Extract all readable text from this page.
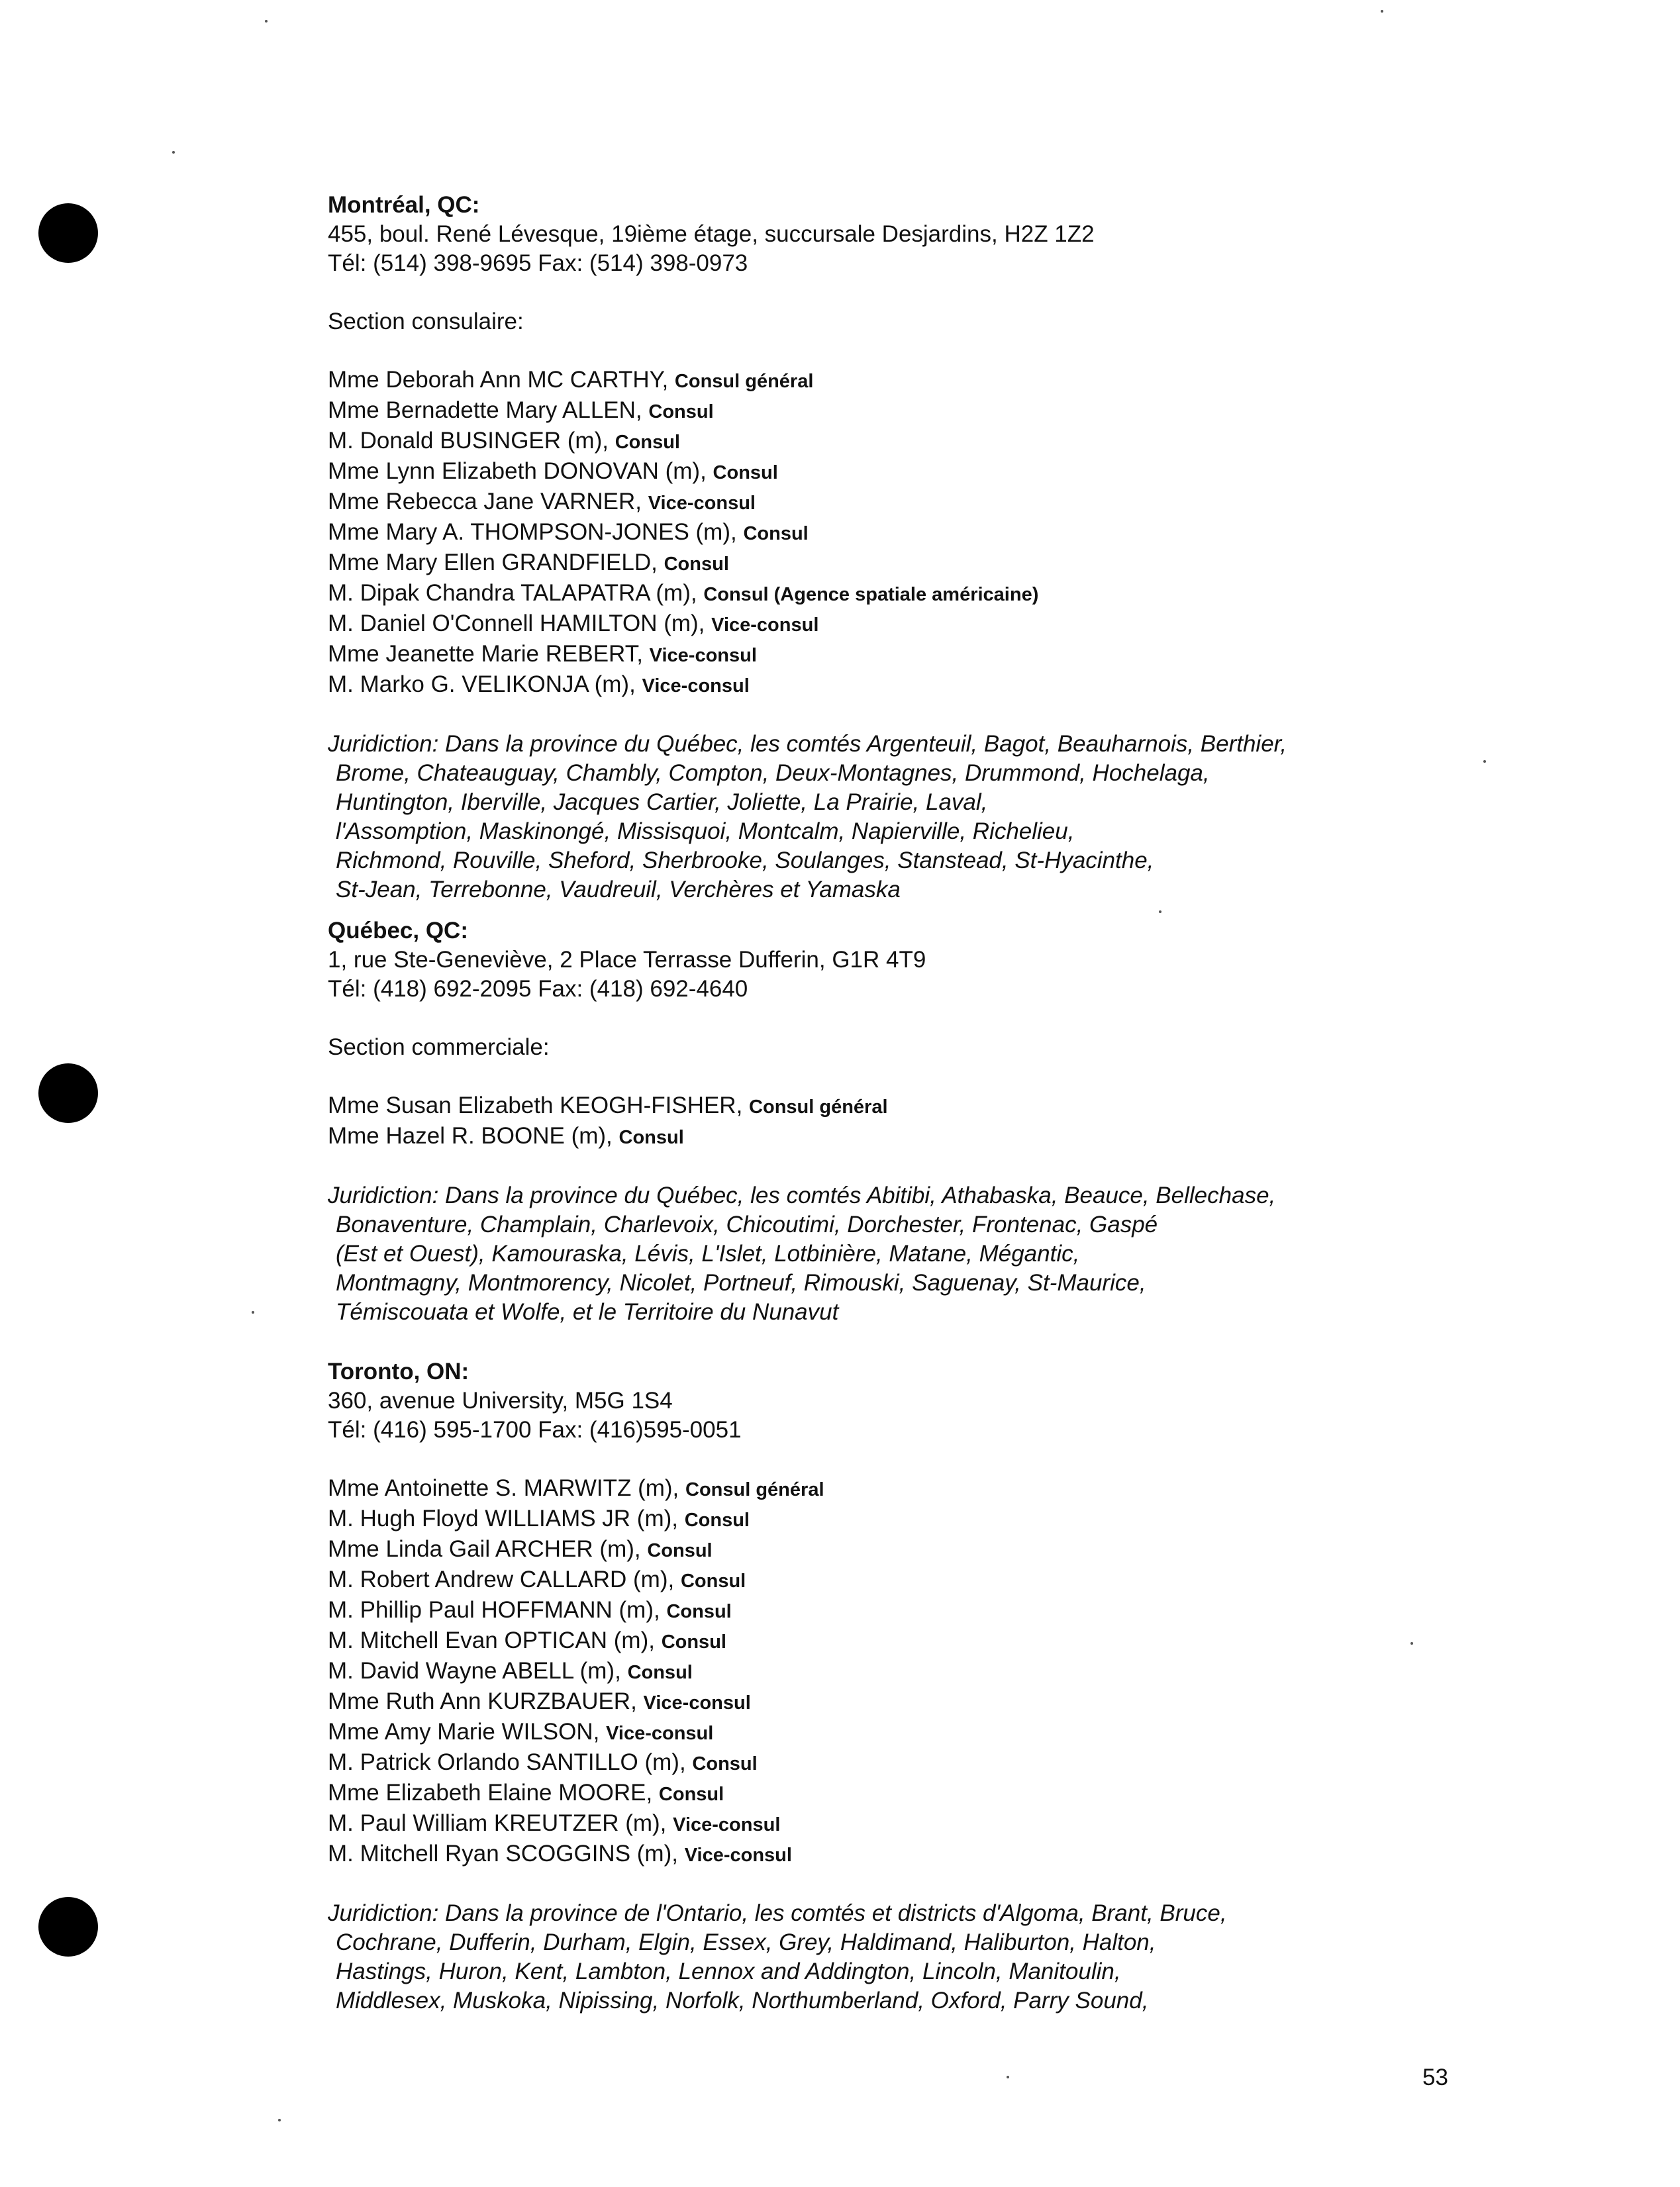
Montréal, QC:
455, boul. René Lévesque, 19ième étage, succursale Desjardins, H2Z 1Z2
Tél: (514) 398-9695 Fax: (514) 398-0973
Section consulaire:
Mme Deborah Ann MC CARTHY, Consul général
Mme Bernadette Mary ALLEN, Consul
M. Donald BUSINGER (m), Consul
Mme Lynn Elizabeth DONOVAN (m), Consul
Mme Rebecca Jane VARNER, Vice-consul
Mme Mary A. THOMPSON-JONES (m), Consul
Mme Mary Ellen GRANDFIELD, Consul
M. Dipak Chandra TALAPATRA (m), Consul (Agence spatiale américaine)
M. Daniel O'Connell HAMILTON (m), Vice-consul
Mme Jeanette Marie REBERT, Vice-consul
M. Marko G. VELIKONJA (m), Vice-consul
Juridiction: Dans la province du Québec, les comtés Argenteuil, Bagot, Beauharnois, Berthier,
Brome, Chateauguay, Chambly, Compton, Deux-Montagnes, Drummond, Hochelaga,
Huntington, Iberville, Jacques Cartier, Joliette, La Prairie, Laval,
l'Assomption, Maskinongé, Missisquoi, Montcalm, Napierville, Richelieu,
Richmond, Rouville, Sheford, Sherbrooke, Soulanges, Stanstead, St-Hyacinthe,
St-Jean, Terrebonne, Vaudreuil, Verchères et Yamaska
Québec, QC:
1, rue Ste-Geneviève, 2 Place Terrasse Dufferin, G1R 4T9
Tél: (418) 692-2095 Fax: (418) 692-4640
Section commerciale:
Mme Susan Elizabeth KEOGH-FISHER, Consul général
Mme Hazel R. BOONE (m), Consul
Juridiction: Dans la province du Québec, les comtés Abitibi, Athabaska, Beauce, Bellechase,
Bonaventure, Champlain, Charlevoix, Chicoutimi, Dorchester, Frontenac, Gaspé
(Est et Ouest), Kamouraska, Lévis, L'Islet, Lotbinière, Matane, Mégantic,
Montmagny, Montmorency, Nicolet, Portneuf, Rimouski, Saguenay, St-Maurice,
Témiscouata et Wolfe, et le Territoire du Nunavut
Toronto, ON:
360, avenue University, M5G 1S4
Tél: (416) 595-1700 Fax: (416)595-0051
Mme Antoinette S. MARWITZ (m), Consul général
M. Hugh Floyd WILLIAMS JR (m), Consul
Mme Linda Gail ARCHER (m), Consul
M. Robert Andrew CALLARD (m), Consul
M. Phillip Paul HOFFMANN (m), Consul
M. Mitchell Evan OPTICAN (m), Consul
M. David Wayne ABELL (m), Consul
Mme Ruth Ann KURZBAUER, Vice-consul
Mme Amy Marie WILSON, Vice-consul
M. Patrick Orlando SANTILLO (m), Consul
Mme Elizabeth Elaine MOORE, Consul
M. Paul William KREUTZER (m), Vice-consul
M. Mitchell Ryan SCOGGINS (m), Vice-consul
Juridiction: Dans la province de l'Ontario, les comtés et districts d'Algoma, Brant, Bruce,
Cochrane, Dufferin, Durham, Elgin, Essex, Grey, Haldimand, Haliburton, Halton,
Hastings, Huron, Kent, Lambton, Lennox and Addington, Lincoln, Manitoulin,
Middlesex, Muskoka, Nipissing, Norfolk, Northumberland, Oxford, Parry Sound,
53
